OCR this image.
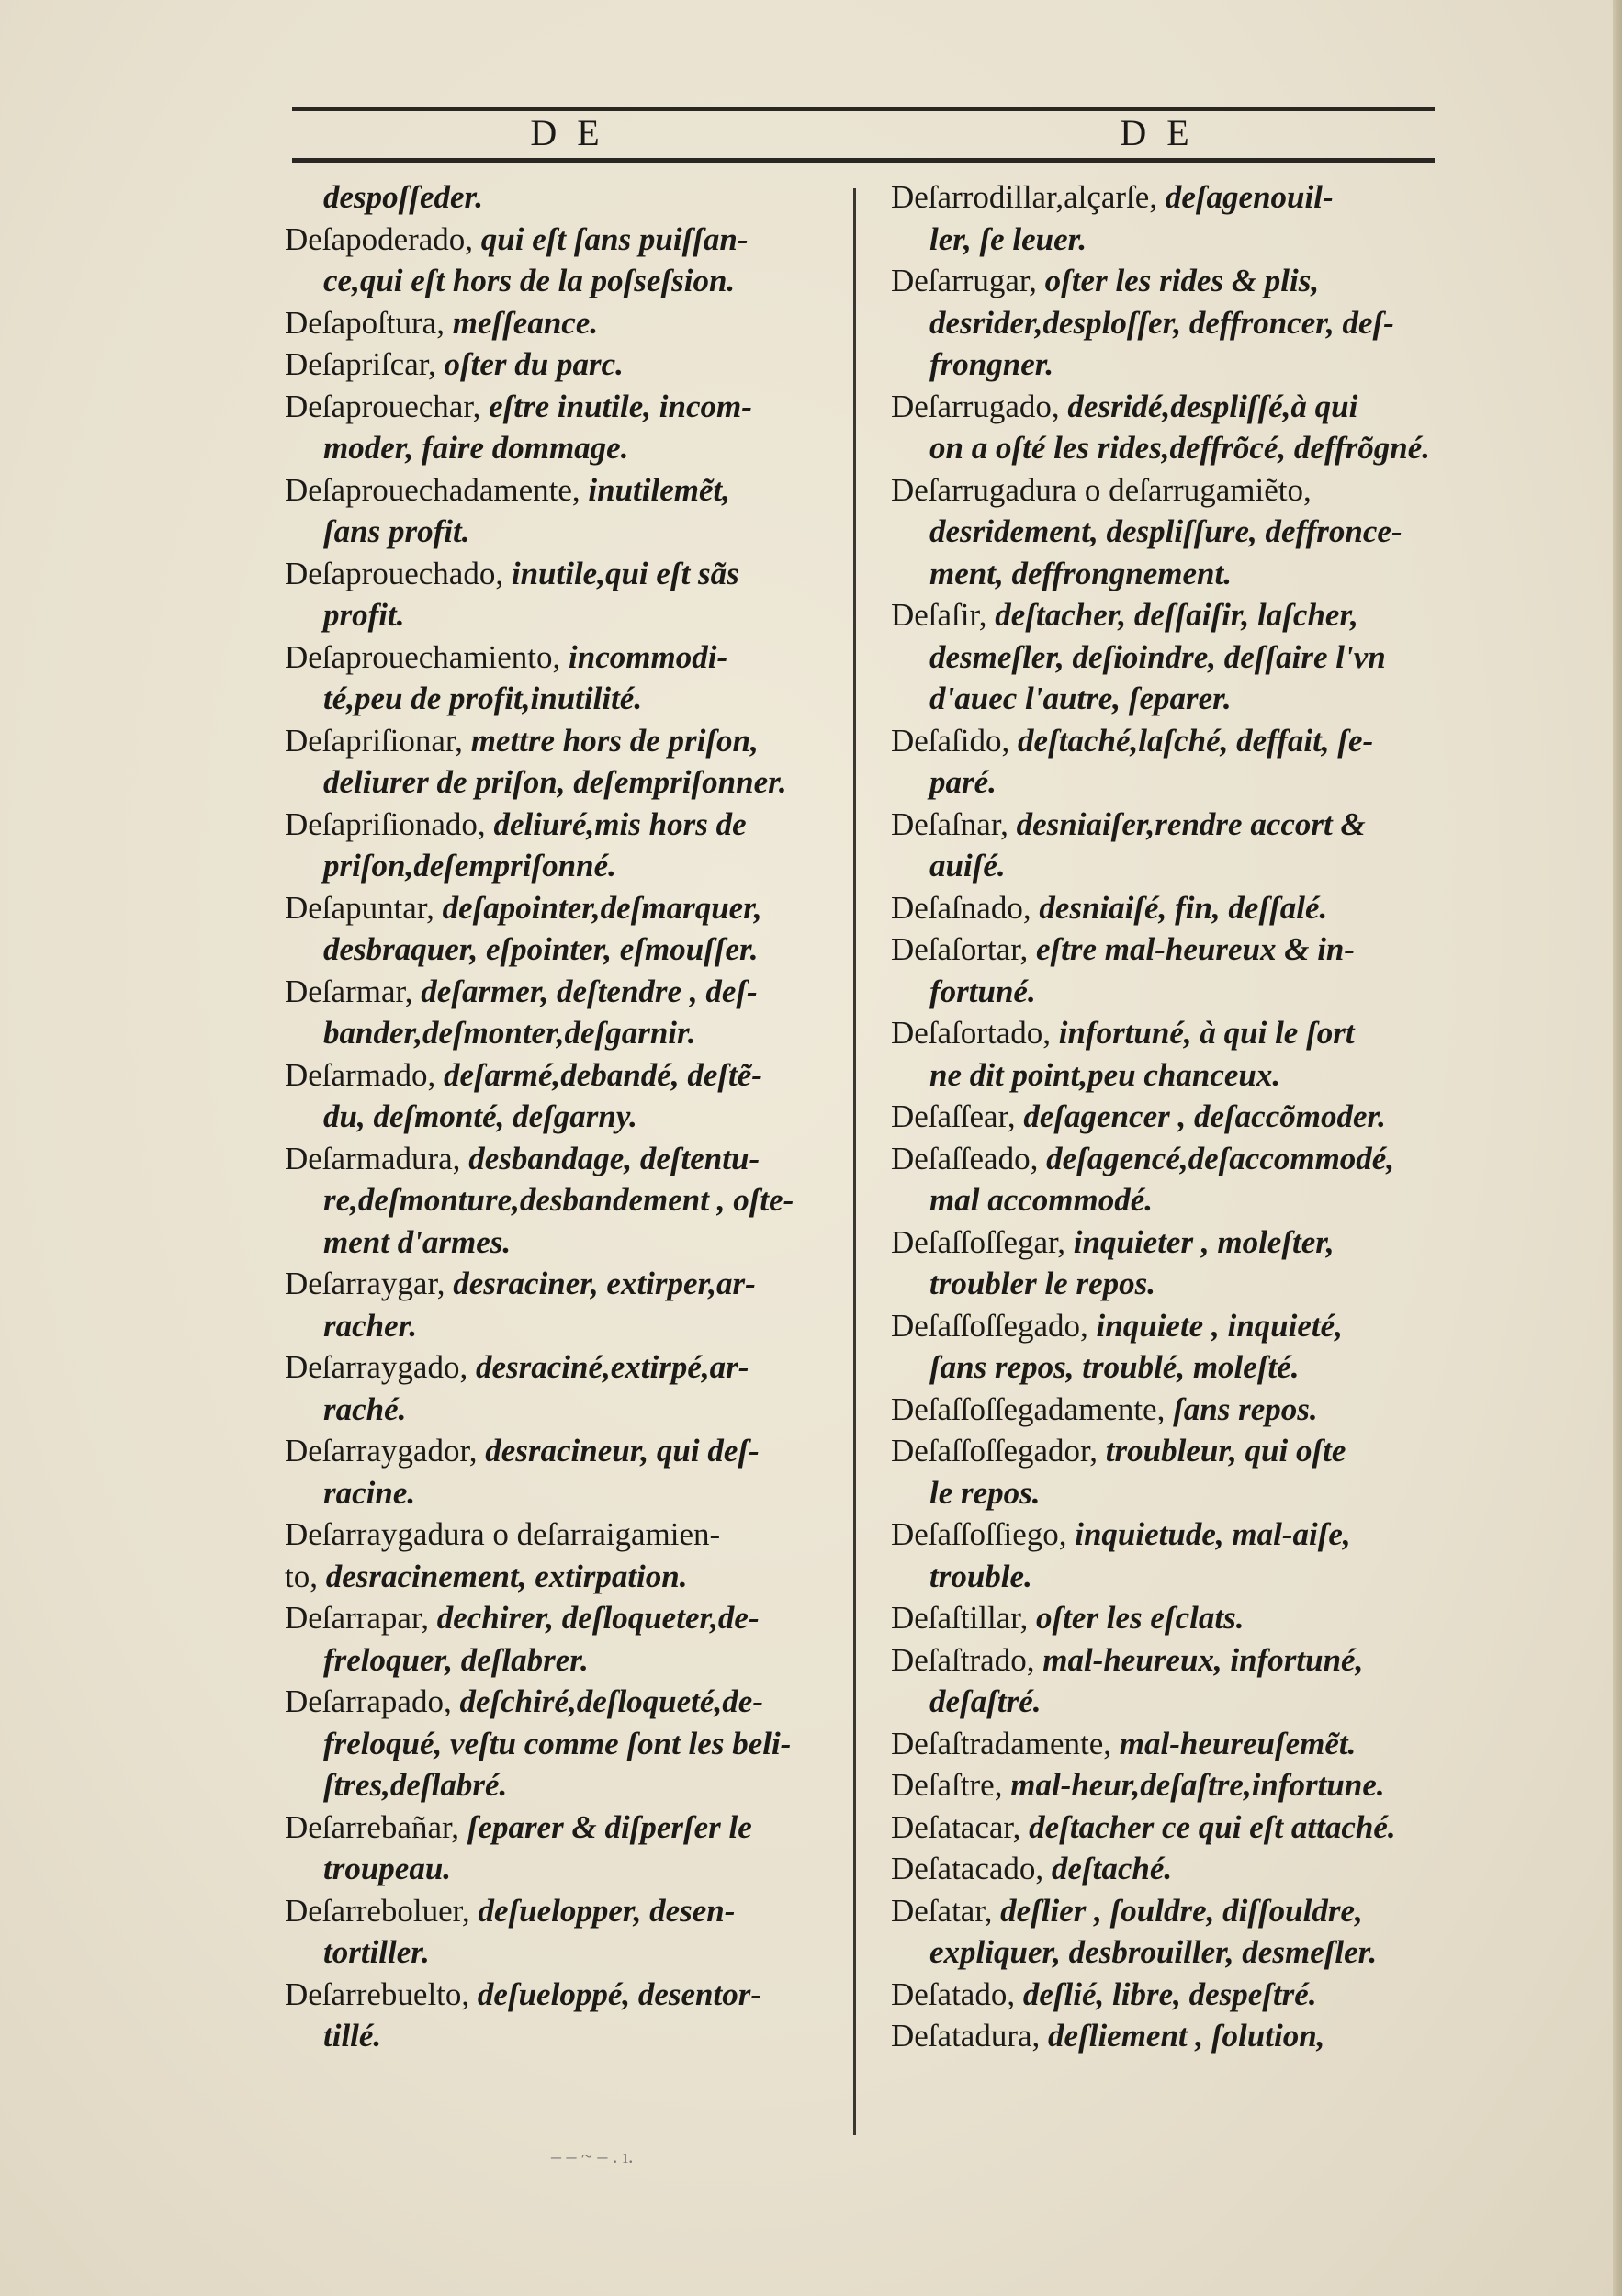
D E	D E
despoſſeder.
Deſapoderado, qui eſt ſans puiſſan-
ce,qui eſt hors de la poſseſsion.
Deſapoſtura, meſſeance.
Deſapriſcar, oſter du parc.
Deſaprouechar, eſtre inutile, incom-
moder, faire dommage.
Deſaprouechadamente, inutilemẽt,
ſans profit.
Deſaprouechado, inutile,qui eſt sãs
profit.
Deſaprouechamiento, incommodi-
té,peu de profit,inutilité.
Deſapriſionar, mettre hors de priſon,
deliurer de priſon, deſempriſonner.
Deſapriſionado, deliuré,mis hors de
priſon,deſempriſonné.
Deſapuntar, deſapointer,deſmarquer,
desbraquer, eſpointer, eſmouſſer.
Deſarmar, deſarmer, deſtendre , deſ-
bander,deſmonter,deſgarnir.
Deſarmado, deſarmé,debandé, deſtẽ-
du, deſmonté, deſgarny.
Deſarmadura, desbandage, deſtentu-
re,deſmonture,desbandement , oſte-
ment d'armes.
Deſarraygar, desraciner, extirper,ar-
racher.
Deſarraygado, desraciné,extirpé,ar-
raché.
Deſarraygador, desracineur, qui deſ-
racine.
Deſarraygadura o deſarraigamien-
to, desracinement, extirpation.
Deſarrapar, dechirer, deſloqueter,de-
freloquer, deſlabrer.
Deſarrapado, deſchiré,deſloqueté,de-
freloqué, veſtu comme ſont les beli-
ſtres,deſlabré.
Deſarrebañar, ſeparer & diſperſer le
troupeau.
Deſarreboluer, deſuelopper, desen-
tortiller.
Deſarrebuelto, deſueloppé, desentor-
tillé.
Deſarrodillar,alçarſe, deſagenouil-
ler, ſe leuer.
Deſarrugar, oſter les rides & plis,
desrider,desploſſer, deffroncer, deſ-
frongner.
Deſarrugado, desridé,despliſſé,à qui
on a oſté les rides,deffrõcé, deffrõgné.
Deſarrugadura o deſarrugamiẽto,
desridement, despliſſure, deffronce-
ment, deffrongnement.
Deſaſir, deſtacher, deſſaiſir, laſcher,
desmeſler, deſioindre, deſſaire l'vn
d'auec l'autre, ſeparer.
Deſaſido, deſtaché,laſché, deffait, ſe-
paré.
Deſaſnar, desniaiſer,rendre accort &
auiſé.
Deſaſnado, desniaiſé, fin, deſſalé.
Deſaſortar, eſtre mal-heureux & in-
fortuné.
Deſaſortado, infortuné, à qui le ſort
ne dit point,peu chanceux.
Deſaſſear, deſagencer , deſaccõmoder.
Deſaſſeado, deſagencé,deſaccommodé,
mal accommodé.
Deſaſſoſſegar, inquieter , moleſter,
troubler le repos.
Deſaſſoſſegado, inquiete , inquieté,
ſans repos, troublé, moleſté.
Deſaſſoſſegadamente, ſans repos.
Deſaſſoſſegador, troubleur, qui oſte
le repos.
Deſaſſoſſiego, inquietude, mal-aiſe,
trouble.
Deſaſtillar, oſter les eſclats.
Deſaſtrado, mal-heureux, infortuné,
deſaſtré.
Deſaſtradamente, mal-heureuſemẽt.
Deſaſtre, mal-heur,deſaſtre,infortune.
Deſatacar, deſtacher ce qui eſt attaché.
Deſatacado, deſtaché.
Deſatar, deſlier , ſouldre, diſſouldre,
expliquer, desbrouiller, desmeſler.
Deſatado, deſlié, libre, despeſtré.
Deſatadura, deſliement , ſolution,
– – ~ – . ı.
